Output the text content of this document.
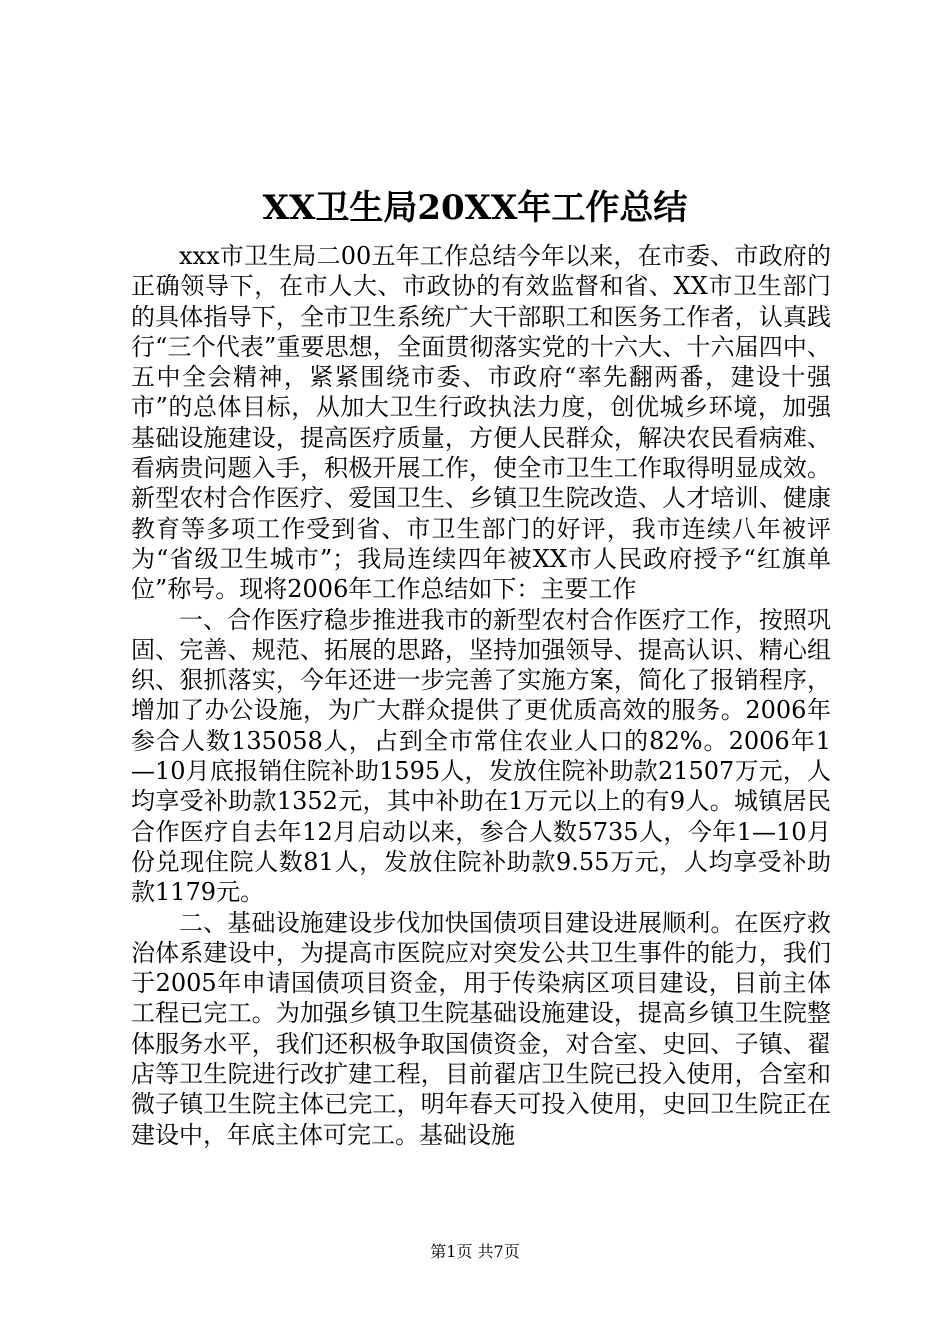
XX卫生局20XX年工作总结

xxx市卫生局二00五年工作总结今年以来，在市委、市政府的正确领导下，在市人大、市政协的有效监督和省、XX市卫生部门的具体指导下，全市卫生系统广大干部职工和医务工作者，认真践行“三个代表”重要思想，全面贯彻落实党的十六大、十六届四中、五中全会精神，紧紧围绕市委、市政府“率先翻两番，建设十强市”的总体目标，从加大卫生行政执法力度，创优城乡环境，加强基础设施建设，提高医疗质量，方便人民群众，解决农民看病难、看病贵问题入手，积极开展工作，使全市卫生工作取得明显成效。新型农村合作医疗、爱国卫生、乡镇卫生院改造、人才培训、健康教育等多项工作受到省、市卫生部门的好评，我市连续八年被评为“省级卫生城市”；我局连续四年被XX市人民政府授予“红旗单位”称号。现将2006年工作总结如下：主要工作

一、合作医疗稳步推进我市的新型农村合作医疗工作，按照巩固、完善、规范、拓展的思路，坚持加强领导、提高认识、精心组织、狠抓落实，今年还进一步完善了实施方案，简化了报销程序，增加了办公设施，为广大群众提供了更优质高效的服务。2006年参合人数135058人，占到全市常住农业人口的82%。2006年1—10月底报销住院补助1595人，发放住院补助款21507万元，人均享受补助款1352元，其中补助在1万元以上的有9人。城镇居民合作医疗自去年12月启动以来，参合人数5735人，今年1—10月份兑现住院人数81人，发放住院补助款9.55万元，人均享受补助款1179元。

二、基础设施建设步伐加快国债项目建设进展顺利。在医疗救治体系建设中，为提高市医院应对突发公共卫生事件的能力，我们于2005年申请国债项目资金，用于传染病区项目建设，目前主体工程已完工。为加强乡镇卫生院基础设施建设，提高乡镇卫生院整体服务水平，我们还积极争取国债资金，对合室、史回、子镇、翟店等卫生院进行改扩建工程，目前翟店卫生院已投入使用，合室和微子镇卫生院主体已完工，明年春天可投入使用，史回卫生院正在建设中，年底主体可完工。基础设施

第1页 共7页
